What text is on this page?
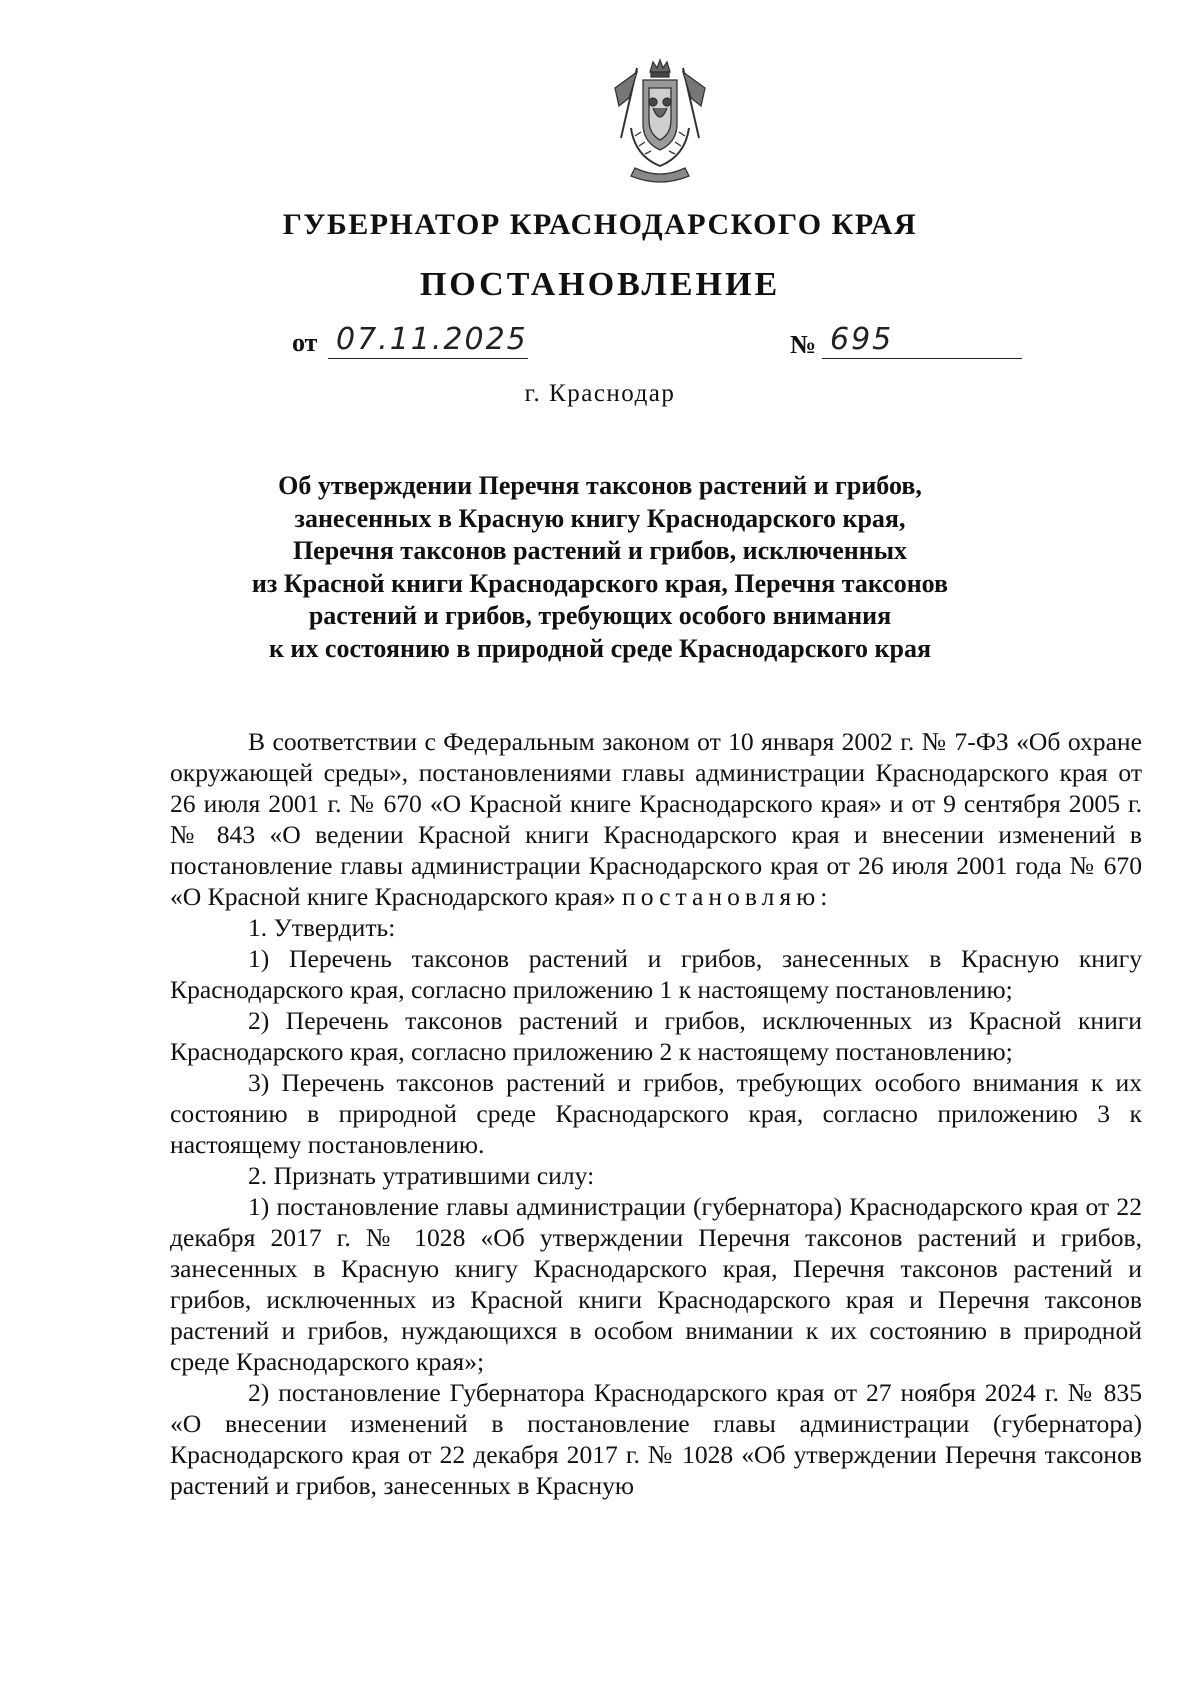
ГУБЕРНАТОР КРАСНОДАРСКОГО КРАЯ
ПОСТАНОВЛЕНИЕ
от 07.11.2025	№ 695
г. Краснодар
Об утверждении Перечня таксонов растений и грибов,
занесенных в Красную книгу Краснодарского края,
Перечня таксонов растений и грибов, исключенных
из Красной книги Краснодарского края, Перечня таксонов
растений и грибов, требующих особого внимания
к их состоянию в природной среде Краснодарского края

В соответствии с Федеральным законом от 10 января 2002 г. № 7-ФЗ «Об охране окружающей среды», постановлениями главы администрации Краснодарского края от 26 июля 2001 г. № 670 «О Красной книге Краснодарского края» и от 9 сентября 2005 г. № 843 «О ведении Красной книги Краснодарского края и внесении изменений в постановление главы администрации Краснодарского края от 26 июля 2001 года № 670 «О Красной книге Краснодарского края» постановляю:

1. Утвердить:

1) Перечень таксонов растений и грибов, занесенных в Красную книгу Краснодарского края, согласно приложению 1 к настоящему постановлению;

2) Перечень таксонов растений и грибов, исключенных из Красной книги Краснодарского края, согласно приложению 2 к настоящему постановлению;

3) Перечень таксонов растений и грибов, требующих особого внимания к их состоянию в природной среде Краснодарского края, согласно приложению 3 к настоящему постановлению.

2. Признать утратившими силу:

1) постановление главы администрации (губернатора) Краснодарского края от 22 декабря 2017 г. № 1028 «Об утверждении Перечня таксонов растений и грибов, занесенных в Красную книгу Краснодарского края, Перечня таксонов растений и грибов, исключенных из Красной книги Краснодарского края и Перечня таксонов растений и грибов, нуждающихся в особом внимании к их состоянию в природной среде Краснодарского края»;

2) постановление Губернатора Краснодарского края от 27 ноября 2024 г. № 835 «О внесении изменений в постановление главы администрации (губернатора) Краснодарского края от 22 декабря 2017 г. № 1028 «Об утверждении Перечня таксонов растений и грибов, занесенных в Красную
